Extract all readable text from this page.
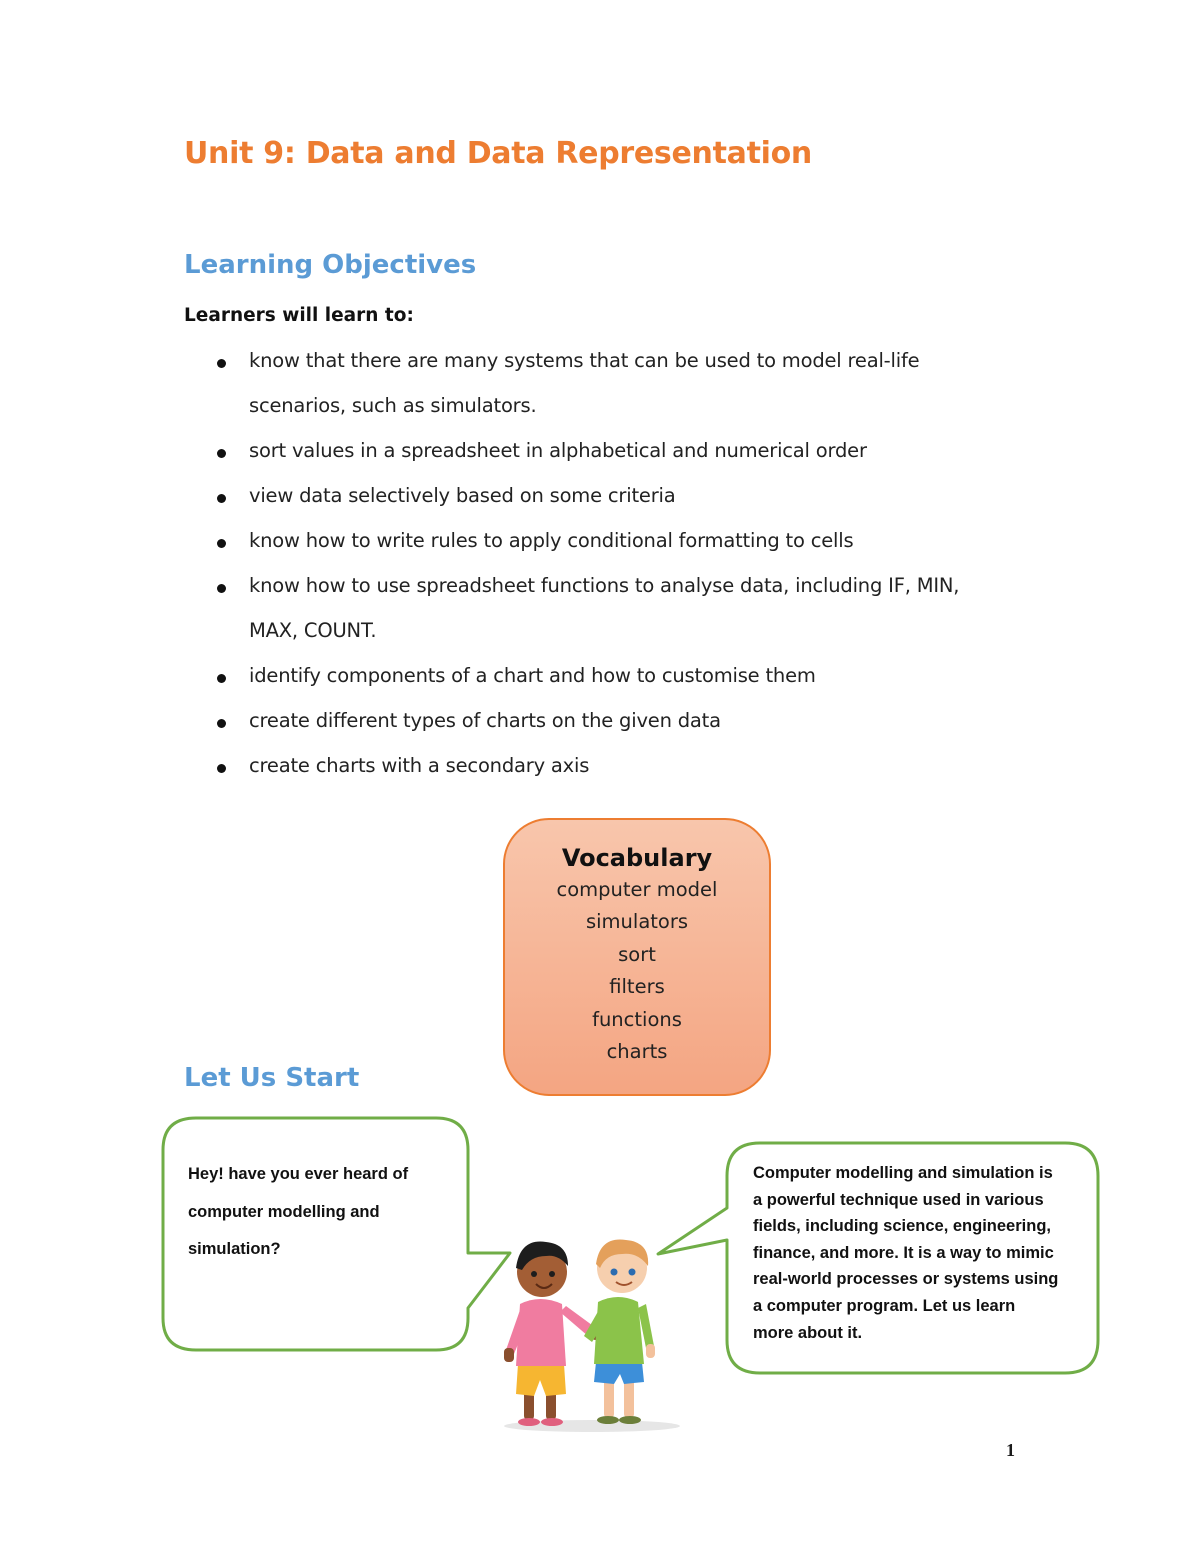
Unit 9: Data and Data Representation
Learning Objectives
Learners will learn to:
know that there are many systems that can be used to model real-life
scenarios, such as simulators.
sort values in a spreadsheet in alphabetical and numerical order
view data selectively based on some criteria
know how to write rules to apply conditional formatting to cells
know how to use spreadsheet functions to analyse data, including IF, MIN,
MAX, COUNT.
identify components of a chart and how to customise them
create different types of charts on the given data
create charts with a secondary axis
Vocabulary
computer model
simulators
sort
filters
functions
charts
Let Us Start
Hey! have you ever heard of
computer modelling and
simulation?
Computer modelling and simulation is
a powerful technique used in various
fields, including science, engineering,
finance, and more. It is a way to mimic
real-world processes or systems using
a computer program. Let us learn
more about it.
1
